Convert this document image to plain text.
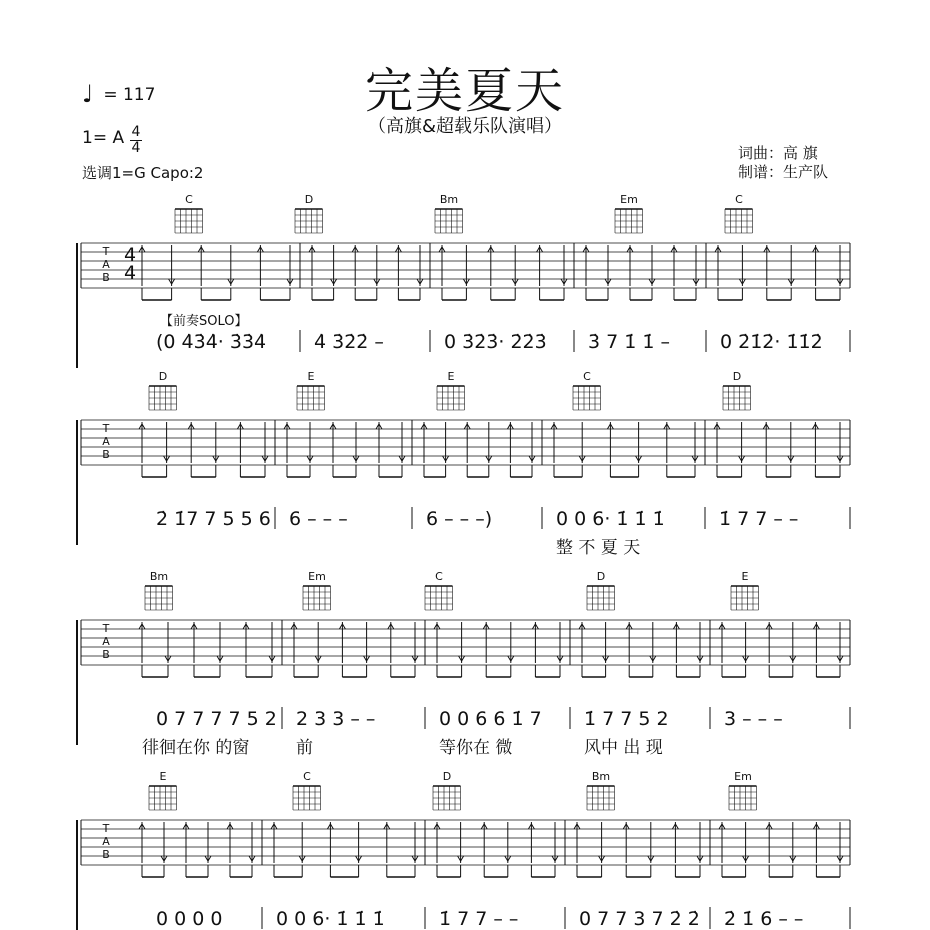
完美夏天
（高旗&超载乐队演唱）
♩ = 117
1= A 4
4
选调1=G Capo:2
词曲：高 旗
制谱：生产队
T
A
B
4
4
C
(0 4̇3̇4̇· 3̇3̇4̇
D
4̇ 3̇2̇2̇ –
Bm
0 3̇2̇3̇· 2̇2̇3̇
Em
3̇ 7 1̇ 1̇ –
C
0 2̇1̇2̇· 1̇1̇2̇
T
A
B
D
2̇ 1̇7 7 5 5 6
E
6 – – –
E
6 – – –)
C
0 0 6· 1̇ 1̇ 1̇
整 不 夏 天
D
1̇ 7 7 – –
T
A
B
Bm
0 7 7 7 7 5 2
徘徊在你 的窗
Em
2 3 3 – –
前
C
0 0 6 6 1̇ 7
等你在 微
D
1̇ 7 7 5 2
风中 出 现
E
3 – – –
T
A
B
E
0 0 0 0
C
0 0 6· 1̇ 1̇ 1̇
D
1̇ 7 7 – –
Bm
0 7 7 3 7 2̇ 2̇
Em
2̇ 1̇ 6 – –
【前奏SOLO】
